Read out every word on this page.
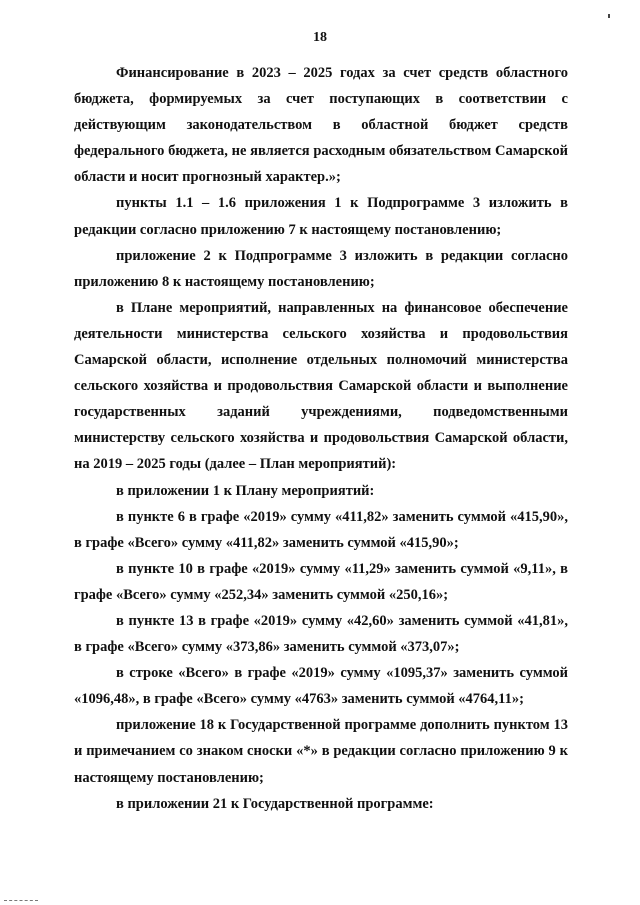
18

Финансирование в 2023 – 2025 годах за счет средств областного бюджета, формируемых за счет поступающих в соответствии с действующим законодательством в областной бюджет средств федерального бюджета, не является расходным обязательством Самарской области и носит прогнозный характер.»;

пункты 1.1 – 1.6 приложения 1 к Подпрограмме 3 изложить в редакции согласно приложению 7 к настоящему постановлению;

приложение 2 к Подпрограмме 3 изложить в редакции согласно приложению 8 к настоящему постановлению;

в Плане мероприятий, направленных на финансовое обеспечение деятельности министерства сельского хозяйства и продовольствия Самарской области, исполнение отдельных полномочий министерства сельского хозяйства и продовольствия Самарской области и выполнение государственных заданий учреждениями, подведомственными министерству сельского хозяйства и продовольствия Самарской области, на 2019 – 2025 годы (далее – План мероприятий):

в приложении 1 к Плану мероприятий:

в пункте 6 в графе «2019» сумму «411,82» заменить суммой «415,90», в графе «Всего» сумму «411,82» заменить суммой «415,90»;

в пункте 10 в графе «2019» сумму «11,29» заменить суммой «9,11», в графе «Всего» сумму «252,34» заменить суммой «250,16»;

в пункте 13 в графе «2019» сумму «42,60» заменить суммой «41,81», в графе «Всего» сумму «373,86» заменить суммой «373,07»;

в строке «Всего» в графе «2019» сумму «1095,37» заменить суммой «1096,48», в графе «Всего» сумму «4763» заменить суммой «4764,11»;

приложение 18 к Государственной программе дополнить пунктом 13 и примечанием со знаком сноски «*» в редакции согласно приложению 9 к настоящему постановлению;

в приложении 21 к Государственной программе:
